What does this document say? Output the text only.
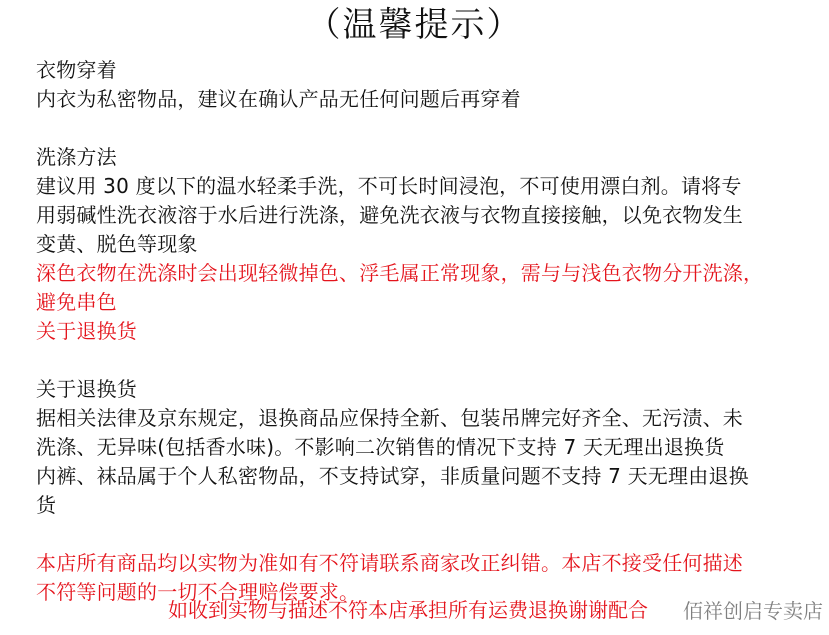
（温馨提示）
衣物穿着
内衣为私密物品，建议在确认产品无任何问题后再穿着
洗涤方法
建议用 30 度以下的温水轻柔手洗，不可长时间浸泡，不可使用漂白剂。请将专
用弱碱性洗衣液溶于水后进行洗涤，避免洗衣液与衣物直接接触，以免衣物发生
变黄、脱色等现象
深色衣物在洗涤时会出现轻微掉色、浮毛属正常现象，需与与浅色衣物分开洗涤，
避免串色
关于退换货
关于退换货
据相关法律及京东规定，退换商品应保持全新、包装吊牌完好齐全、无污渍、未
洗涤、无异味(包括香水味)。不影响二次销售的情况下支持 7 天无理出退换货
内裤、袜品属于个人私密物品，不支持试穿，非质量问题不支持 7 天无理由退换
货
本店所有商品均以实物为准如有不符请联系商家改正纠错。本店不接受任何描述
不符等问题的一切不合理赔偿要求。
如收到实物与描述不符本店承担所有运费退换谢谢配合 佰祥创启专卖店
